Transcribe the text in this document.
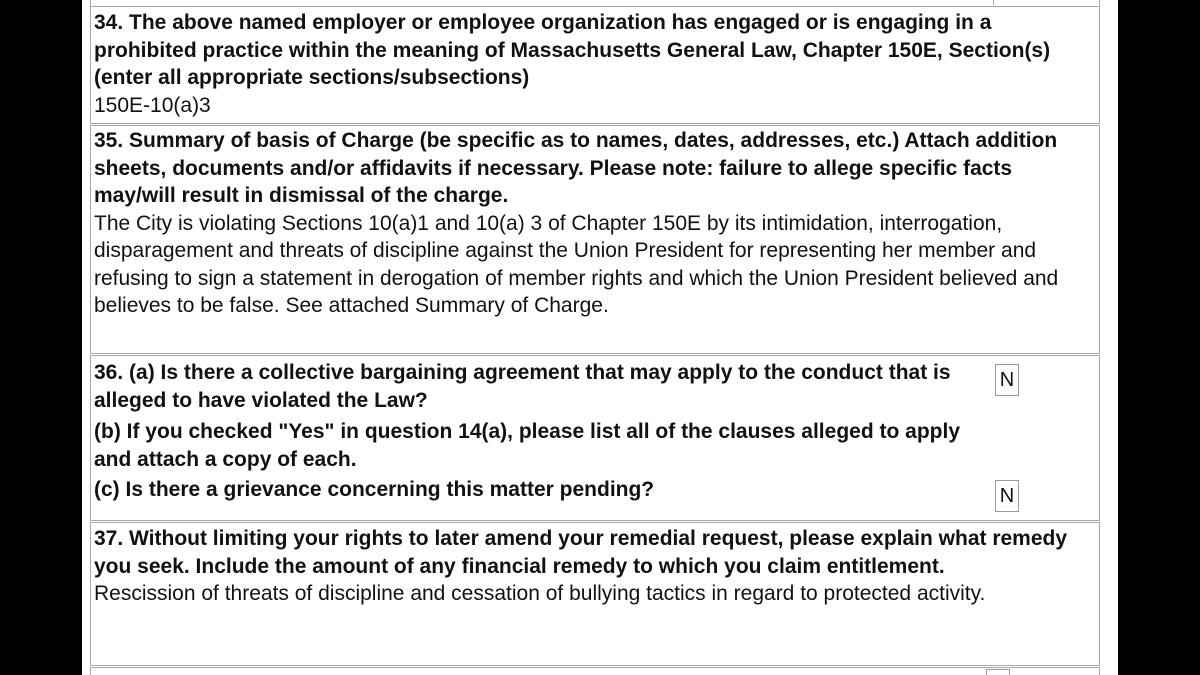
34. The above named employer or employee organization has engaged or is engaging in a prohibited practice within the meaning of Massachusetts General Law, Chapter 150E, Section(s) (enter all appropriate sections/subsections)

150E-10(a)3

35. Summary of basis of Charge (be specific as to names, dates, addresses, etc.) Attach addition sheets, documents and/or affidavits if necessary. Please note: failure to allege specific facts may/will result in dismissal of the charge.

The City is violating Sections 10(a)1 and 10(a) 3 of Chapter 150E by its intimidation, interrogation, disparagement and threats of discipline against the Union President for representing her member and refusing to sign a statement in derogation of member rights and which the Union President believed and believes to be false. See attached Summary of Charge.

36. (a) Is there a collective bargaining agreement that may apply to the conduct that is alleged to have violated the Law?
(b) If you checked "Yes" in question 14(a), please list all of the clauses alleged to apply and attach a copy of each.
(c) Is there a grievance concerning this matter pending?
N
N

37. Without limiting your rights to later amend your remedial request, please explain what remedy you seek. Include the amount of any financial remedy to which you claim entitlement.

Rescission of threats of discipline and cessation of bullying tactics in regard to protected activity.
